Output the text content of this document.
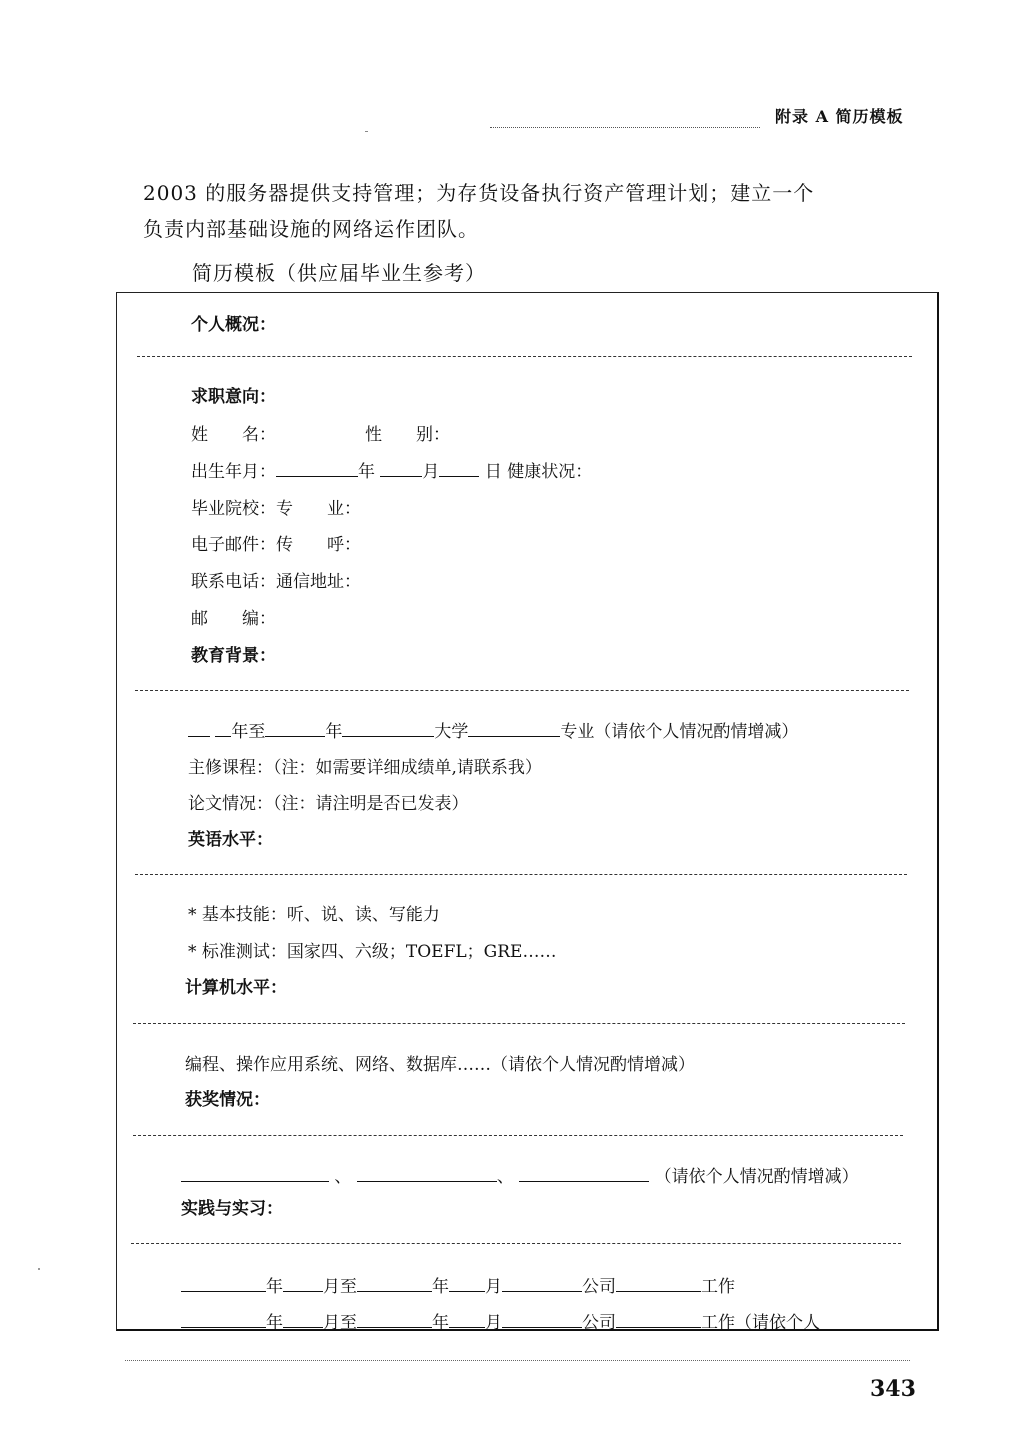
附录 A 简历模板
2003 的服务器提供支持管理；为存货设备执行资产管理计划；建立一个
负责内部基础设施的网络运作团队。
简历模板（供应届毕业生参考）
个人概况：
求职意向：
姓　　名：	性　　别：
出生年月：	年	月	日 健康状况：
毕业院校：专　　业：
电子邮件：传　　呼：
联系电话：通信地址：
邮　　编：
教育背景：
年至	年	大学	专业（请依个人情况酌情增减）
主修课程：（注：如需要详细成绩单,请联系我）
论文情况：（注：请注明是否已发表）
英语水平：
* 基本技能：听、说、读、写能力
* 标准测试：国家四、六级；TOEFL；GRE……
计算机水平：
编程、操作应用系统、网络、数据库……（请依个人情况酌情增减）
获奖情况：
、	、	（请依个人情况酌情增减）
实践与实习：
年 月至	年 月	公司	工作
年 月至	年 月	公司	工作（请依个人
343
